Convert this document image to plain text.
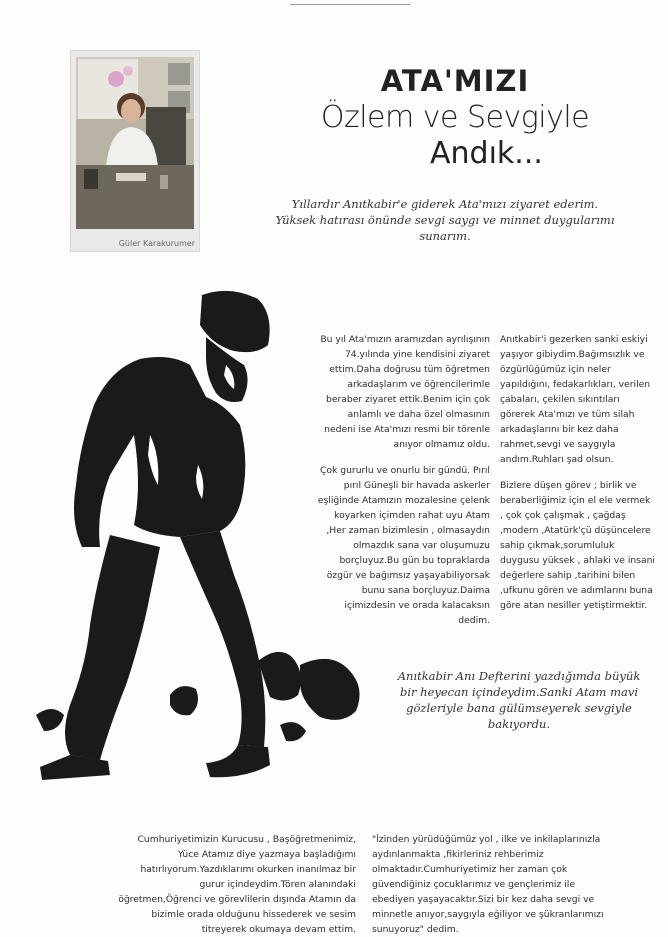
Güler Karakurumer
ATA'MIZI
Özlem ve Sevgiyle
Andık...
Yıllardır Anıtkabir'e giderek Ata'mızı ziyaret ederim. Yüksek hatırası önünde sevgi saygı ve minnet duygularımı sunarım.

Bu yıl Ata'mızın aramızdan ayrılışının 74.yılında yine kendisini ziyaret ettim.Daha doğrusu tüm öğretmen arkadaşlarım ve öğrencilerimle beraber ziyaret ettik.Benim için çok anlamlı ve daha özel olmasının nedeni ise Ata'mızı resmi bir törenle anıyor olmamız oldu.

Çok gururlu ve onurlu bir gündü. Pırıl pırıl Güneşli bir havada askerler eşliğinde Atamızın mozalesine çelenk koyarken içimden rahat uyu Atam ,Her zaman bizimlesin , olmasaydın olmazdık sana var oluşumuzu borçluyuz.Bu gün bu topraklarda özgür ve bağımsız yaşayabiliyorsak bunu sana borçluyuz.Daima içimizdesin ve orada kalacaksın dedim.

Anıtkabir'i gezerken sanki eskiyi yaşıyor gibiydim.Bağımsızlık ve özgürlüğümüz için neler yapıldığını, fedakarlıkları, verilen çabaları, çekilen sıkıntıları görerek Ata'mızı ve tüm silah arkadaşlarını bir kez daha rahmet,sevgi ve saygıyla andım.Ruhları şad olsun.

Bizlere düşen görev ; birlik ve beraberliğimiz için el ele vermek , çok çok çalışmak , çağdaş ,modern ,Atatürk'çü düşüncelere sahip çıkmak,sorumluluk duygusu yüksek , ahlaki ve insani değerlere sahip ,tarihini bilen ,ufkunu gören ve adımlarını buna göre atan nesiller yetiştirmektir.

Anıtkabir Anı Defterini yazdığımda büyük bir heyecan içindeydim.Sanki Atam mavi gözleriyle bana gülümseyerek sevgiyle bakıyordu.
Cumhuriyetimizin Kurucusu , Başöğretmenimiz, Yüce Atamız diye yazmaya başladığımı hatırlıyorum.Yazdıklarımı okurken inanılmaz bir gurur içindeydim.Tören alanındaki öğretmen,Öğrenci ve görevlilerin dışında Atamın da bizimle orada olduğunu hissederek ve sesim titreyerek okumaya devam ettim.
"İzinden yürüdüğümüz yol , ilke ve inkilaplarınızla aydınlanmakta ,fikirleriniz rehberimiz olmaktadır.Cumhuriyetimiz her zaman çok güvendiğiniz çocuklarımız ve gençlerimiz ile ebediyen yaşayacaktır.Sizi bir kez daha sevgi ve minnetle anıyor,saygıyla eğiliyor ve şükranlarımızı sunuyoruz" dedim.
